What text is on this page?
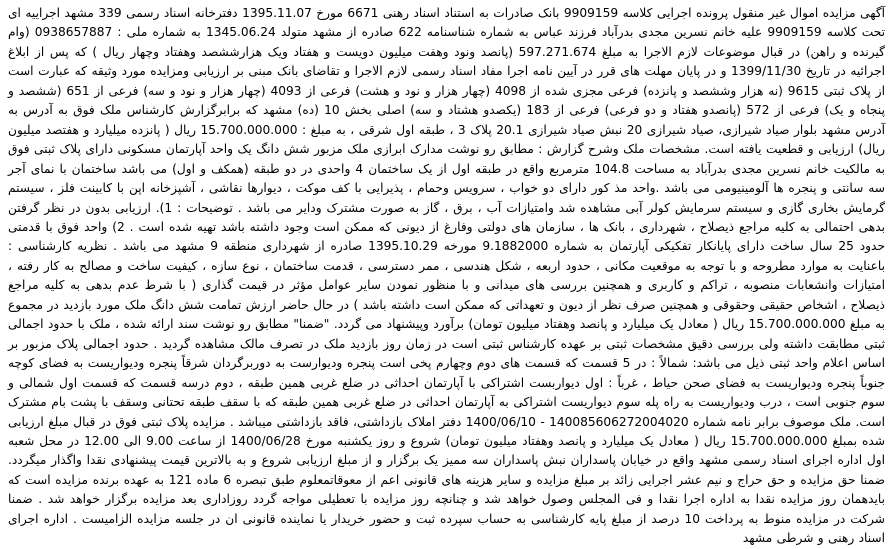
آگهی مزایده اموال غیر منقول پرونده اجرایی کلاسه 9909159 بانک صادرات به استناد اسناد رهنی 6671 مورخ 1395.11.07 دفترخانه اسناد رسمی 339 مشهد اجراییه ای تحت کلاسه 9909159 علیه خانم نسرین مجدی بدرآباد فرزند عباس به شماره شناسنامه 622 صادره از مشهد متولد 1345.06.24 به شماره ملی : 0938657887 (وام گیرنده و راهن) در قبال موضوعات لازم الاجرا به مبلغ 597.271.674 (پانصد ونود وهفت میلیون دویست و هفتاد ویک هزارششصد وهفتاد وچهار ریال ) که پس از ابلاغ اجرائیه در تاریخ 1399/11/30 و در پایان مهلت های قرر در آیین نامه اجرا مفاد اسناد رسمی لازم الاجرا و تقاضای بانک مبنی بر ارزیابی ومزایده مورد وثیقه که عبارت است از پلاک ثبتی 9615 (نه هزار وششصد و پانزده) فرعی مجزی شده از 4098 (چهار هزار و نود و هشت) فرعی از 4093 (چهار هزار و نود و سه) فرعی از 651 (ششصد و پنجاه و یک) فرعی از 572 (پانصدو هفتاد و دو فرعی) فرعی از 183 (یکصدو هشتاد و سه) اصلی بخش 10 (ده) مشهد که برابرگزارش کارشناس ملک فوق به آدرس به آدرس مشهد بلوار صیاد شیرازی، صیاد شیرازی 20 نبش صیاد شیرازی 20.1 پلاک 3 ، طبقه اول شرقی ، به مبلغ : 15.700.000.000 ریال ( پانزده میلیارد و هفتصد میلیون ریال) ارزیابی و قطعیت یافته است. مشخصات ملک وشرح گزارش : مطابق رو نوشت مدارک ابرازی ملک مزبور شش دانگ یک واحد آپارتمان مسکونی دارای پلاک ثبتی فوق به مالکیت خانم نسرین مجدی بدرآباد به مساحت 104.8 مترمربع واقع در طبقه اول از یک ساختمان 4 واحدی در دو طبقه (همکف و اول) می باشد ساختمان با نمای آجر سه سانتی و پنجره ها آلومینیومی می باشد .واحد مذ کور دارای دو خواب ، سرویس وحمام ، پذیرایی با کف موکت ، دیوارها نقاشی ، آشپزخانه اپن با کابینت فلز ، سیستم گرمایش بخاری گازی و سیستم سرمایش کولر آبی مشاهده شد وامتیازات آب ، برق ، گاز به صورت مشترک ودایر می باشد . توضیحات : 1). ارزیابی بدون در نظر گرفتن بدهی احتمالی به کلیه مراجع ذیصلاح ، شهرداری ، بانک ها ، سازمان های دولتی وفارغ از دیونی که ممکن است وجود داشته باشد تهیه شده است . 2) واحد فوق با قدمتی حدود 25 سال ساخت دارای پایانکار تفکیکی آپارتمان به شماره 9.1882000 مورخه 1395.10.29 صادره از شهرداری منطقه 9 مشهد می باشد . نظریه کارشناسی : باعنایت به موارد مطروحه و با توجه به موقعیت مکانی ، حدود اربعه ، شکل هندسی ، ممر دسترسی ، قدمت ساختمان ، نوع سازه ، کیفیت ساخت و مصالح به کار رفته ، امتیازات وانشعابات منصوبه ، تراکم و کاربری و همچنین بررسی های میدانی و با منظور نمودن سایر عوامل مؤثر در قیمت گذاری ( با شرط عدم بدهی به کلیه مراجع ذیصلاح ، اشخاص حقیقی وحقوقی و همچنین صرف نظر از دیون و تعهداتی که ممکن است داشته باشد ) در حال حاضر ارزش تمامت شش دانگ ملک مورد بازدید در مجموع به مبلغ 15.700.000.000 ریال ( معادل یک میلیارد و پانصد وهفتاد میلیون تومان) برآورد وپیشنهاد می گردد. "ضمنا" مطابق رو نوشت سند ارائه شده ، ملک با حدود اجمالی ثبتی مطابقت داشته ولی بررسی دقیق مشخصات ثبتی بر عهده کارشناس ثبتی است در زمان روز بازدید ملک در تصرف مالک مشاهده گردید . حدود اجمالی پلاک مزبور بر اساس اعلام واحد ثبتی ذیل می باشد: شمالاً : در 5 قسمت که قسمت های دوم وچهارم پخی است پنجره ودیوارست به دوربرگردان شرقاً پنجره ودیواریست به فضای کوچه جنوباً پنجره ودیواریست به فضای صحن حیاط ، غرباً : اول دیواربست اشتراکی با آپارتمان احداثی در ضلع غربی همین طبقه ، دوم درسه قسمت که قسمت اول شمالی و سوم جنوبی است ، درب ودیواریست به راه پله سوم دیواریست اشتراکی به آپارتمان احداثی در ضلع غربی همین طبقه که با سقف طبقه تحتانی وسقف با پشت بام مشترک است. ملک موصوف برابر نامه شماره 140085606272004020 - 1400/06/10 دفتر املاک بازداشتی، فاقد بازداشتی میباشد . مزایده پلاک ثبتی فوق در قبال مبلغ ارزیابی شده بمبلغ 15.700.000.000 ریال ( معادل یک میلیارد و پانصد وهفتاد میلیون تومان) شروع و روز یکشنبه مورخ 1400/06/28 از ساعت 9.00 الی 12.00 در محل شعبه اول اداره اجرای اسناد رسمی مشهد واقع در خیابان پاسداران نبش پاسداران سه ممیز یک برگزار و از مبلغ ارزیابی شروع و به بالاترین قیمت پیشنهادی نقدا واگذار میگردد. ضمنا حق مزایده و حق حراج و نیم عشر اجرایی زائد بر مبلغ مزایده و سایر هزینه های قانونی اعم از معوقاتمعلوم طبق تبصره 6 ماده 121 به عهده برنده مزایده است که بایدهمان روز مزایده نقدا به اداره اجرا نقدا و فی المجلس وصول خواهد شد و چنانچه روز مزایده با تعطیلی مواجه گردد روزاداری بعد مزایده برگزار خواهد شد . ضمنا شرکت در مزایده منوط به پرداخت 10 درصد از مبلغ پایه کارشناسی به حساب سپرده ثبت و حضور خریدار یا نماینده قانونی ان در جلسه مزایده الزامیست . اداره اجرای اسناد رهنی و شرطی مشهد
